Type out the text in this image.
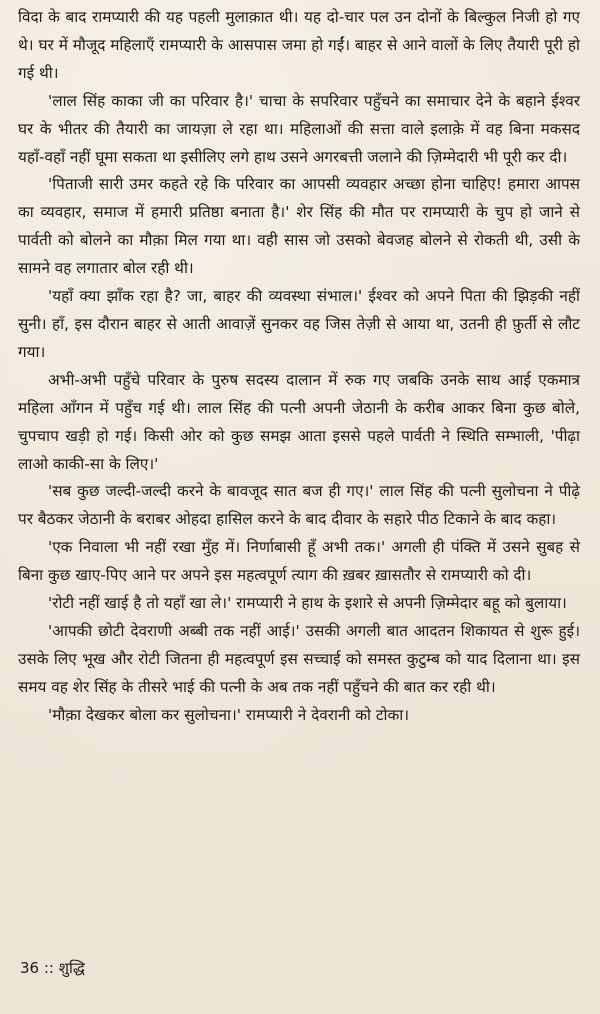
विदा के बाद रामप्यारी की यह पहली मुलाक़ात थी। यह दो-चार पल उन दोनों के बिल्कुल निजी हो गए थे। घर में मौजूद महिलाएँ रामप्यारी के आसपास जमा हो गईं। बाहर से आने वालों के लिए तैयारी पूरी हो गई थी।

'लाल सिंह काका जी का परिवार है।' चाचा के सपरिवार पहुँचने का समाचार देने के बहाने ईश्वर घर के भीतर की तैयारी का जायज़ा ले रहा था। महिलाओं की सत्ता वाले इलाक़े में वह बिना मकसद यहाँ-वहाँ नहीं घूमा सकता था इसीलिए लगे हाथ उसने अगरबत्ती जलाने की ज़िम्मेदारी भी पूरी कर दी।

'पिताजी सारी उमर कहते रहे कि परिवार का आपसी व्यवहार अच्छा होना चाहिए! हमारा आपस का व्यवहार, समाज में हमारी प्रतिष्ठा बनाता है।' शेर सिंह की मौत पर रामप्यारी के चुप हो जाने से पार्वती को बोलने का मौक़ा मिल गया था। वही सास जो उसको बेवजह बोलने से रोकती थी, उसी के सामने वह लगातार बोल रही थी।

'यहाँ क्या झाँक रहा है? जा, बाहर की व्यवस्था संभाल।' ईश्वर को अपने पिता की झिड़की नहीं सुनी। हाँ, इस दौरान बाहर से आती आवाज़ें सुनकर वह जिस तेज़ी से आया था, उतनी ही फ़ुर्ती से लौट गया।

अभी-अभी पहुँचे परिवार के पुरुष सदस्य दालान में रुक गए जबकि उनके साथ आई एकमात्र महिला आँगन में पहुँच गई थी। लाल सिंह की पत्नी अपनी जेठानी के करीब आकर बिना कुछ बोले, चुपचाप खड़ी हो गई। किसी ओर को कुछ समझ आता इससे पहले पार्वती ने स्थिति सम्भाली, 'पीढ़ा लाओ काकी-सा के लिए।'

'सब कुछ जल्दी-जल्दी करने के बावजूद सात बज ही गए।' लाल सिंह की पत्नी सुलोचना ने पीढ़े पर बैठकर जेठानी के बराबर ओहदा हासिल करने के बाद दीवार के सहारे पीठ टिकाने के बाद कहा।

'एक निवाला भी नहीं रखा मुँह में। निर्णाबासी हूँ अभी तक।' अगली ही पंक्ति में उसने सुबह से बिना कुछ खाए-पिए आने पर अपने इस महत्वपूर्ण त्याग की ख़बर ख़ासतौर से रामप्यारी को दी।

'रोटी नहीं खाई है तो यहाँ खा ले।' रामप्यारी ने हाथ के इशारे से अपनी ज़िम्मेदार बहू को बुलाया।

'आपकी छोटी देवराणी अब्बी तक नहीं आई।' उसकी अगली बात आदतन शिकायत से शुरू हुई। उसके लिए भूख और रोटी जितना ही महत्वपूर्ण इस सच्चाई को समस्त कुटुम्ब को याद दिलाना था। इस समय वह शेर सिंह के तीसरे भाई की पत्नी के अब तक नहीं पहुँचने की बात कर रही थी।

'मौक़ा देखकर बोला कर सुलोचना।' रामप्यारी ने देवरानी को टोका।

36 :: शुद्धि
